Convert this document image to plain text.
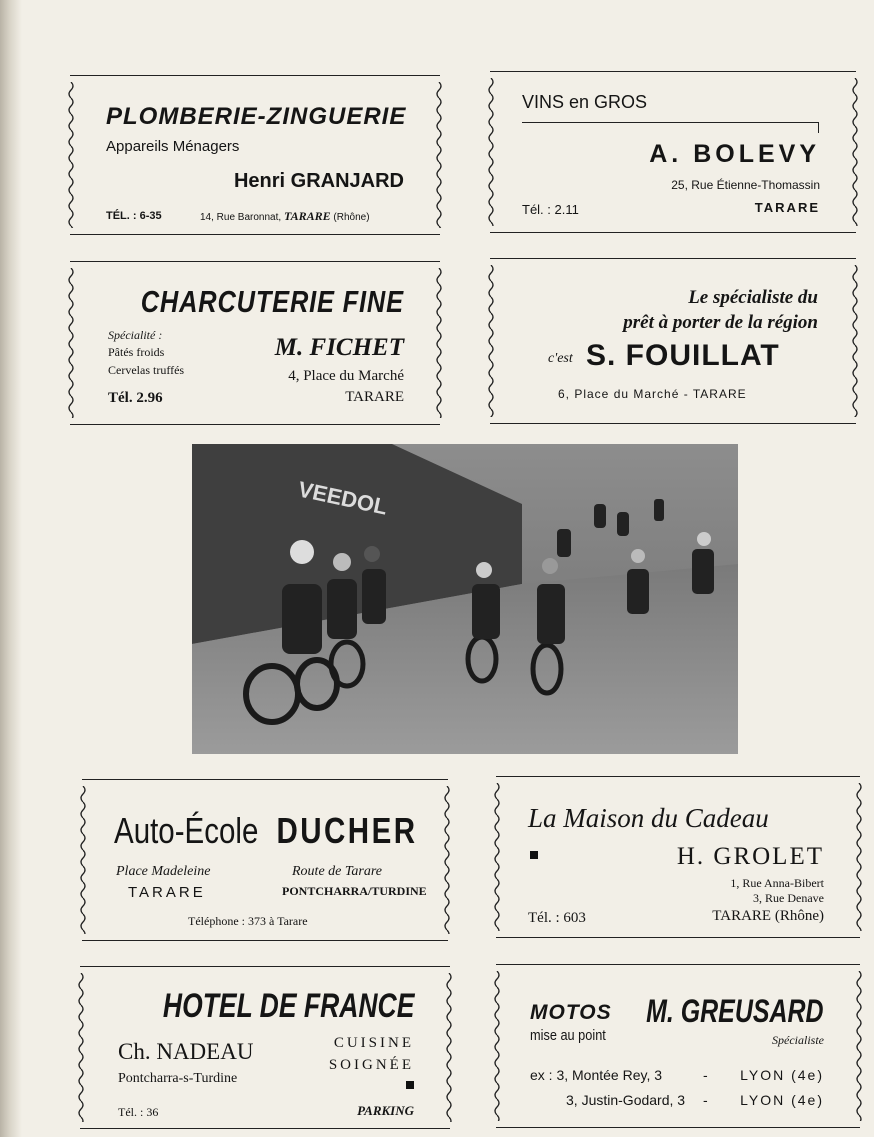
PLOMBERIE-ZINGUERIE
Appareils Ménagers
Henri GRANJARD
TÉL. : 6-35	14, Rue Baronnat, TARARE (Rhône)
VINS en GROS
A. BOLEVY
25, Rue Étienne-Thomassin
TARARE
Tél. : 2.11
CHARCUTERIE FINE
Spécialité :
Pâtés froids
Cervelas truffés
M. FICHET
4, Place du Marché
TARARE
Tél. 2.96
Le spécialiste du
prêt à porter de la région
c'est S. FOUILLAT
6, Place du Marché - TARARE
VEEDOL
Auto-École DUCHER
Place Madeleine
TARARE
Route de Tarare
PONTCHARRA/TURDINE
Téléphone : 373 à Tarare
La Maison du Cadeau
H. GROLET
1, Rue Anna-Bibert
3, Rue Denave
TARARE (Rhône)
Tél. : 603
HOTEL DE FRANCE
Ch. NADEAU
Pontcharra-s-Turdine
CUISINE
SOIGNÉE
Tél. : 36	PARKING
MOTOS
mise au point
M. GREUSARD
Spécialiste
ex : 3, Montée Rey, 3	- LYON (4e)
3, Justin-Godard, 3 - LYON (4e)
